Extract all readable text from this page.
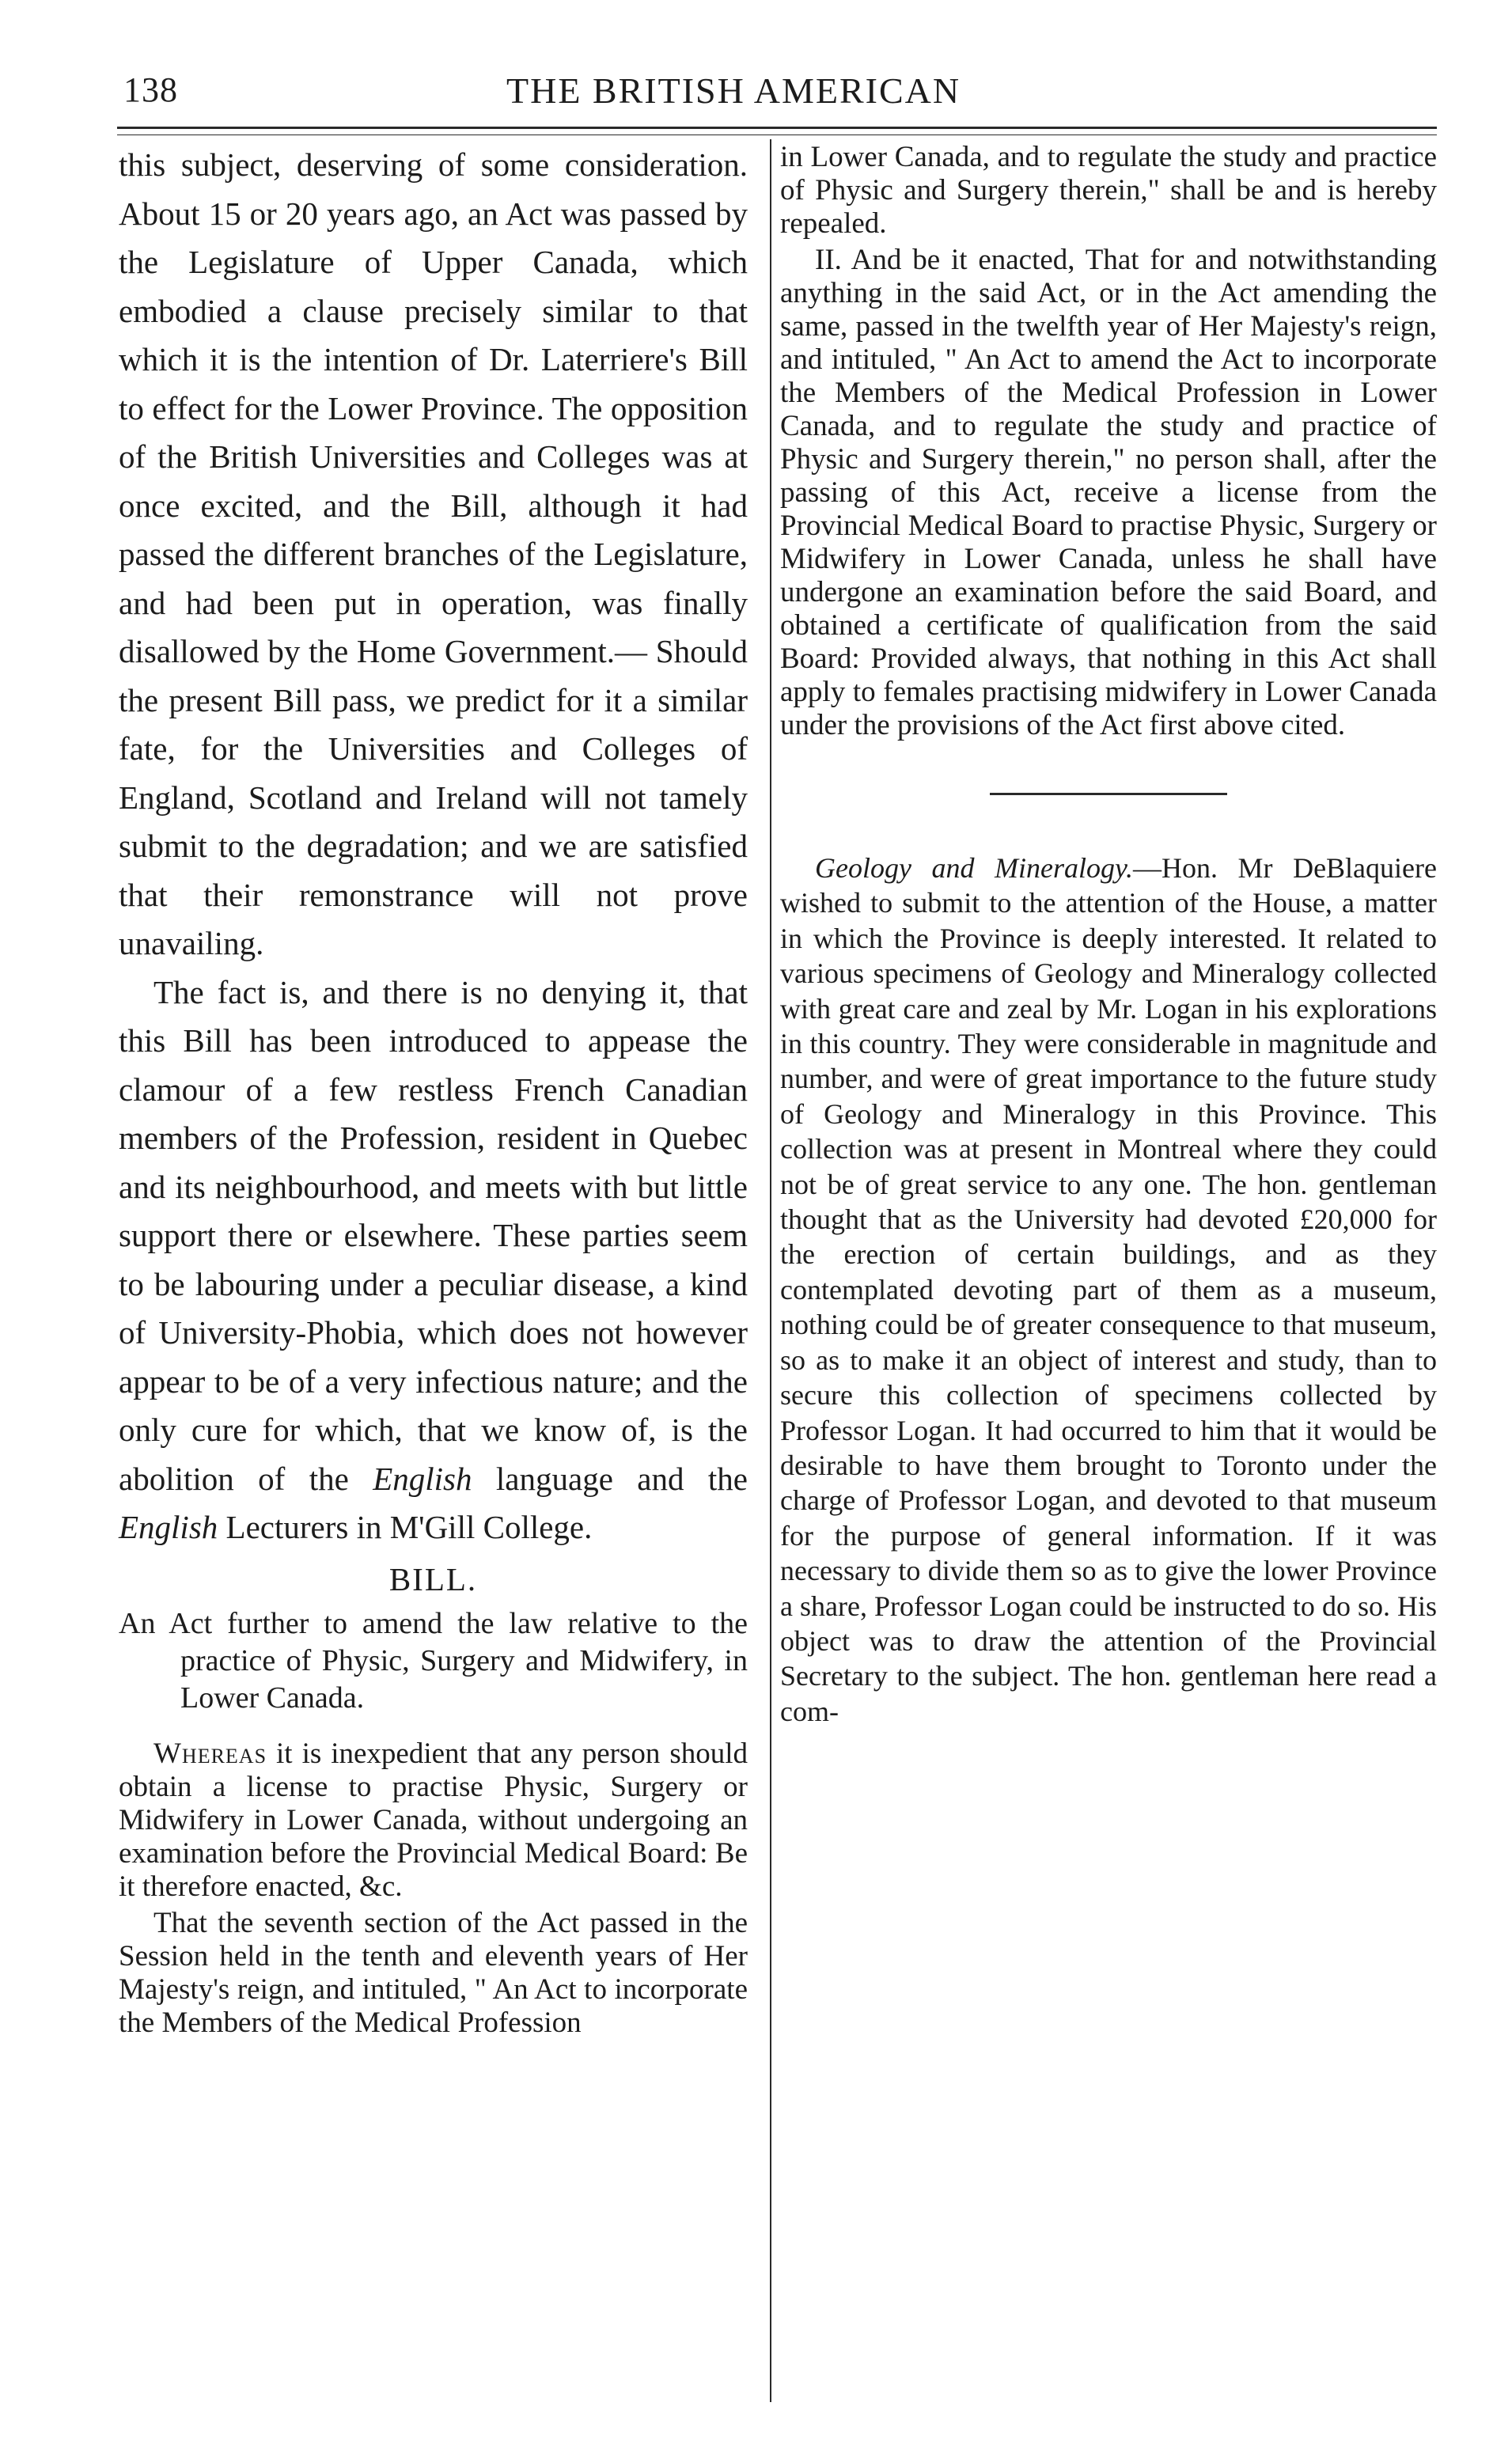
138	THE BRITISH AMERICAN

this subject, deserving of some consideration. About 15 or 20 years ago, an Act was passed by the Legislature of Upper Canada, which embodied a clause precisely similar to that which it is the intention of Dr. Laterriere's Bill to effect for the Lower Province. The opposition of the British Universities and Colleges was at once excited, and the Bill, although it had passed the different branches of the Legislature, and had been put in operation, was finally disallowed by the Home Government.— Should the present Bill pass, we predict for it a similar fate, for the Universities and Colleges of England, Scotland and Ireland will not tamely submit to the degradation; and we are satisfied that their remonstrance will not prove unavailing.

The fact is, and there is no denying it, that this Bill has been introduced to appease the clamour of a few restless French Canadian members of the Profession, resident in Quebec and its neighbourhood, and meets with but little support there or elsewhere. These parties seem to be labouring under a peculiar disease, a kind of University-Phobia, which does not however appear to be of a very infectious nature; and the only cure for which, that we know of, is the abolition of the English language and the English Lecturers in M'Gill College.

BILL.

An Act further to amend the law relative to the practice of Physic, Surgery and Midwifery, in Lower Canada.

Whereas it is inexpedient that any person should obtain a license to practise Physic, Surgery or Midwifery in Lower Canada, without undergoing an examination before the Provincial Medical Board: Be it therefore enacted, &c.

That the seventh section of the Act passed in the Session held in the tenth and eleventh years of Her Majesty's reign, and intituled, " An Act to incorporate the Members of the Medical Profession

in Lower Canada, and to regulate the study and practice of Physic and Surgery therein," shall be and is hereby repealed.

II. And be it enacted, That for and notwithstanding anything in the said Act, or in the Act amending the same, passed in the twelfth year of Her Majesty's reign, and intituled, " An Act to amend the Act to incorporate the Members of the Medical Profession in Lower Canada, and to regulate the study and practice of Physic and Surgery therein," no person shall, after the passing of this Act, receive a license from the Provincial Medical Board to practise Physic, Surgery or Midwifery in Lower Canada, unless he shall have undergone an examination before the said Board, and obtained a certificate of qualification from the said Board: Provided always, that nothing in this Act shall apply to females practising midwifery in Lower Canada under the provisions of the Act first above cited.

Geology and Mineralogy.—Hon. Mr DeBlaquiere wished to submit to the attention of the House, a matter in which the Province is deeply interested. It related to various specimens of Geology and Mineralogy collected with great care and zeal by Mr. Logan in his explorations in this country. They were considerable in magnitude and number, and were of great importance to the future study of Geology and Mineralogy in this Province. This collection was at present in Montreal where they could not be of great service to any one. The hon. gentleman thought that as the University had devoted £20,000 for the erection of certain buildings, and as they contemplated devoting part of them as a museum, nothing could be of greater consequence to that museum, so as to make it an object of interest and study, than to secure this collection of specimens collected by Professor Logan. It had occurred to him that it would be desirable to have them brought to Toronto under the charge of Professor Logan, and devoted to that museum for the purpose of general information. If it was necessary to divide them so as to give the lower Province a share, Professor Logan could be instructed to do so. His object was to draw the attention of the Provincial Secretary to the subject. The hon. gentleman here read a com-
